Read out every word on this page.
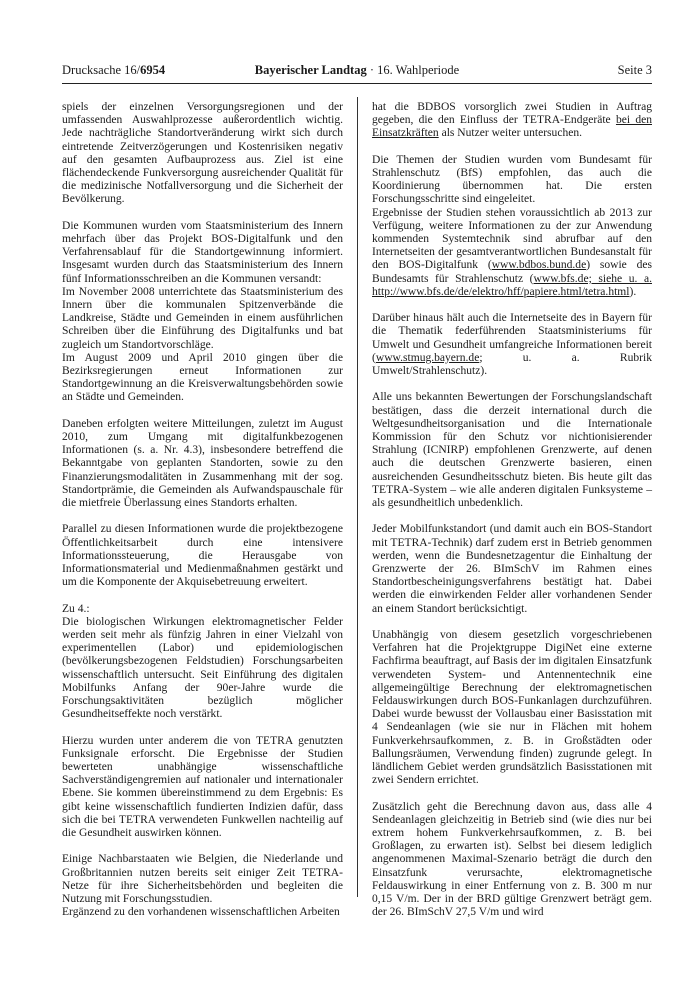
Drucksache 16/6954	Bayerischer Landtag · 16. Wahlperiode	Seite 3

spiels der einzelnen Versorgungsregionen und der umfassenden Auswahlprozesse außerordentlich wichtig. Jede nachträgliche Standortveränderung wirkt sich durch eintretende Zeitverzögerungen und Kostenrisiken negativ auf den gesamten Aufbauprozess aus. Ziel ist eine flächendeckende Funkversorgung ausreichender Qualität für die medizinische Notfallversorgung und die Sicherheit der Bevölkerung.

Die Kommunen wurden vom Staatsministerium des Innern mehrfach über das Projekt BOS-Digitalfunk und den Verfahrensablauf für die Standortgewinnung informiert. Insgesamt wurden durch das Staatsministerium des Innern fünf Informationsschreiben an die Kommunen versandt:

Im November 2008 unterrichtete das Staatsministerium des Innern über die kommunalen Spitzenverbände die Landkreise, Städte und Gemeinden in einem ausführlichen Schreiben über die Einführung des Digitalfunks und bat zugleich um Standortvorschläge.

Im August 2009 und April 2010 gingen über die Bezirksregierungen erneut Informationen zur Standortgewinnung an die Kreisverwaltungsbehörden sowie an Städte und Gemeinden.

Daneben erfolgten weitere Mitteilungen, zuletzt im August 2010, zum Umgang mit digitalfunkbezogenen Informationen (s. a. Nr. 4.3), insbesondere betreffend die Bekanntgabe von geplanten Standorten, sowie zu den Finanzierungsmodalitäten in Zusammenhang mit der sog. Standortprämie, die Gemeinden als Aufwandspauschale für die mietfreie Überlassung eines Standorts erhalten.

Parallel zu diesen Informationen wurde die projektbezogene Öffentlichkeitsarbeit durch eine intensivere Informationssteuerung, die Herausgabe von Informationsmaterial und Medienmaßnahmen gestärkt und um die Komponente der Akquisebetreuung erweitert.

Zu 4.:

Die biologischen Wirkungen elektromagnetischer Felder werden seit mehr als fünfzig Jahren in einer Vielzahl von experimentellen (Labor) und epidemiologischen (bevölkerungsbezogenen Feldstudien) Forschungsarbeiten wissenschaftlich untersucht. Seit Einführung des digitalen Mobilfunks Anfang der 90er-Jahre wurde die Forschungsaktivitäten bezüglich möglicher Gesundheitseffekte noch verstärkt.

Hierzu wurden unter anderem die von TETRA genutzten Funksignale erforscht. Die Ergebnisse der Studien bewerteten unabhängige wissenschaftliche Sachverständigengremien auf nationaler und internationaler Ebene. Sie kommen übereinstimmend zu dem Ergebnis: Es gibt keine wissenschaftlich fundierten Indizien dafür, dass sich die bei TETRA verwendeten Funkwellen nachteilig auf die Gesundheit auswirken können.

Einige Nachbarstaaten wie Belgien, die Niederlande und Großbritannien nutzen bereits seit einiger Zeit TETRA-Netze für ihre Sicherheitsbehörden und begleiten die Nutzung mit Forschungsstudien.

Ergänzend zu den vorhandenen wissenschaftlichen Arbeiten

hat die BDBOS vorsorglich zwei Studien in Auftrag gegeben, die den Einfluss der TETRA-Endgeräte bei den Einsatzkräften als Nutzer weiter untersuchen.

Die Themen der Studien wurden vom Bundesamt für Strahlenschutz (BfS) empfohlen, das auch die Koordinierung übernommen hat. Die ersten Forschungsschritte sind eingeleitet.

Ergebnisse der Studien stehen voraussichtlich ab 2013 zur Verfügung, weitere Informationen zu der zur Anwendung kommenden Systemtechnik sind abrufbar auf den Internetseiten der gesamtverantwortlichen Bundesanstalt für den BOS-Digitalfunk (www.bdbos.bund.de) sowie des Bundesamts für Strahlenschutz (www.bfs.de; siehe u. a. http://www.bfs.de/de/elektro/hff/papiere.html/tetra.html).

Darüber hinaus hält auch die Internetseite des in Bayern für die Thematik federführenden Staatsministeriums für Umwelt und Gesundheit umfangreiche Informationen bereit (www.stmug.bayern.de; u. a. Rubrik Umwelt/Strahlenschutz).

Alle uns bekannten Bewertungen der Forschungslandschaft bestätigen, dass die derzeit international durch die Weltgesundheitsorganisation und die Internationale Kommission für den Schutz vor nichtionisierender Strahlung (ICNIRP) empfohlenen Grenzwerte, auf denen auch die deutschen Grenzwerte basieren, einen ausreichenden Gesundheitsschutz bieten. Bis heute gilt das TETRA-System – wie alle anderen digitalen Funksysteme – als gesundheitlich unbedenklich.

Jeder Mobilfunkstandort (und damit auch ein BOS-Standort mit TETRA-Technik) darf zudem erst in Betrieb genommen werden, wenn die Bundesnetzagentur die Einhaltung der Grenzwerte der 26. BImSchV im Rahmen eines Standortbescheinigungsverfahrens bestätigt hat. Dabei werden die einwirkenden Felder aller vorhandenen Sender an einem Standort berücksichtigt.

Unabhängig von diesem gesetzlich vorgeschriebenen Verfahren hat die Projektgruppe DigiNet eine externe Fachfirma beauftragt, auf Basis der im digitalen Einsatzfunk verwendeten System- und Antennentechnik eine allgemeingültige Berechnung der elektromagnetischen Feldauswirkungen durch BOS-Funkanlagen durchzuführen. Dabei wurde bewusst der Vollausbau einer Basisstation mit 4 Sendeanlagen (wie sie nur in Flächen mit hohem Funkverkehrsaufkommen, z. B. in Großstädten oder Ballungsräumen, Verwendung finden) zugrunde gelegt. In ländlichem Gebiet werden grundsätzlich Basisstationen mit zwei Sendern errichtet.

Zusätzlich geht die Berechnung davon aus, dass alle 4 Sendeanlagen gleichzeitig in Betrieb sind (wie dies nur bei extrem hohem Funkverkehrsaufkommen, z. B. bei Großlagen, zu erwarten ist). Selbst bei diesem lediglich angenommenen Maximal-Szenario beträgt die durch den Einsatzfunk verursachte, elektromagnetische Feldauswirkung in einer Entfernung von z. B. 300 m nur 0,15 V/m. Der in der BRD gültige Grenzwert beträgt gem. der 26. BImSchV 27,5 V/m und wird
